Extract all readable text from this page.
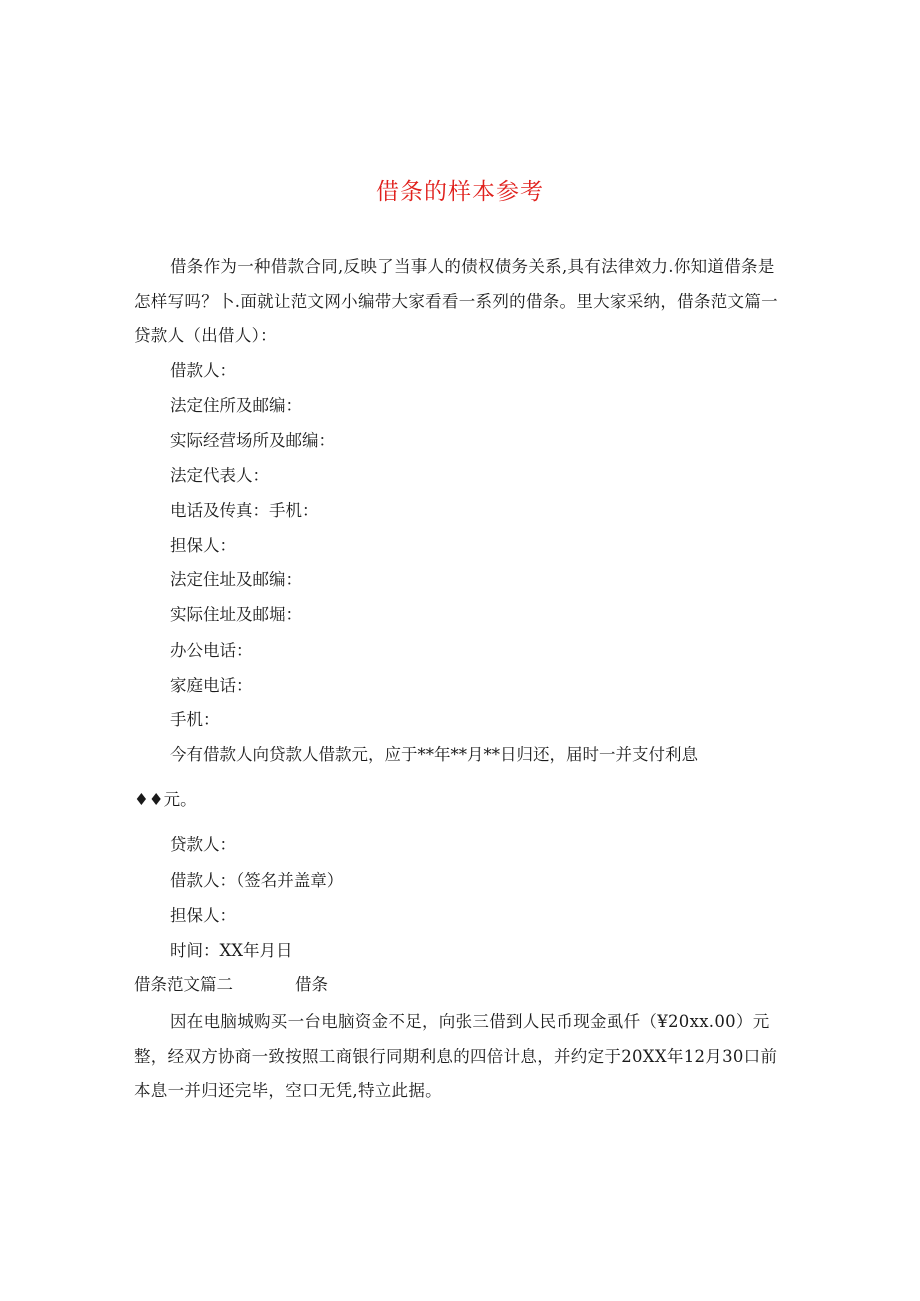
借条的样本参考

借条作为一种借款合同,反映了当事人的债权债务关系,具有法律效力.你知道借条是怎样写吗？卜.面就让范文网小编带大家看看一系列的借条。里大家采纳，借条范文篇一贷款人（出借人）：

借款人：

法定住所及邮编：

实际经营场所及邮编：

法定代表人：

电话及传真：手机：

担保人：

法定住址及邮编：

实际住址及邮堀：

办公电话：

家庭电话：

手机：

今有借款人向贷款人借款元，应于**年**月**日归还，届时一并支付利息

♦♦元。

贷款人：

借款人：（签名并盖章）

担保人：

时间：XX年月日

借条范文篇二	借条

因在电脑城购买一台电脑资金不足，向张三借到人民币现金虱仟（¥20xx.00）元整，经双方协商一致按照工商银行同期利息的四倍计息，并约定于20XX年12月30口前本息一并归还完毕，空口无凭,特立此据。
